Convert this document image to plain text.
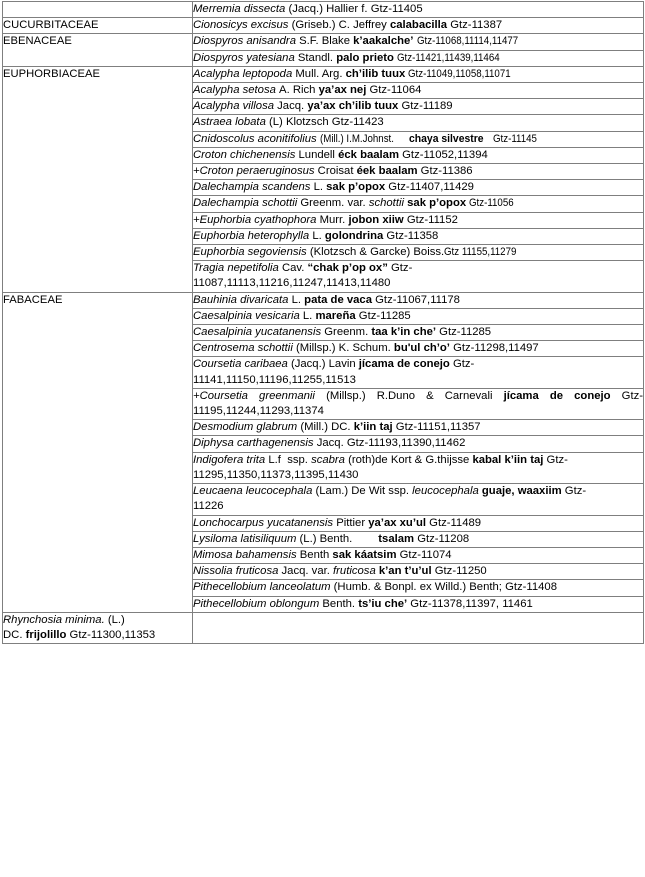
	Merremia dissecta (Jacq.) Hallier f. Gtz-11405

CUCURBITACEAE	Cionosicys excisus (Griseb.) C. Jeffrey calabacilla Gtz-11387

EBENACEAE	Diospyros anisandra S.F. Blake k’aakalche’ Gtz-11068,11114,11477

	Diospyros yatesiana Standl. palo prieto Gtz-11421,11439,11464

EUPHORBIACEAE	Acalypha leptopoda Mull. Arg. ch’ilib tuux Gtz-11049,11058,11071

	Acalypha setosa A. Rich ya’ax nej Gtz-11064

	Acalypha villosa Jacq. ya’ax ch’ilib tuux Gtz-11189

	Astraea lobata (L) Klotzsch Gtz-11423

	Cnidoscolus aconitifolius (Mill.) I.M.Johnst. chaya silvestre Gtz-11145

	Croton chichenensis Lundell éck baalam Gtz-11052,11394

	+Croton peraeruginosus Croisat éek baalam Gtz-11386

	Dalechampia scandens L. sak p’opox Gtz-11407,11429

	Dalechampia schottii Greenm. var. schottii sak p’opox Gtz-11056

	+Euphorbia cyathophora Murr. jobon xiiw Gtz-11152

	Euphorbia heterophylla L. golondrina Gtz-11358

	Euphorbia segoviensis (Klotzsch & Garcke) Boiss.Gtz 11155,11279

	Tragia nepetifolia Cav. “chak p’op ox” Gtz-
11087,11113,11216,11247,11413,11480

FABACEAE	Bauhinia divaricata L. pata de vaca Gtz-11067,11178

	Caesalpinia vesicaria L. mareña Gtz-11285

	Caesalpinia yucatanensis Greenm. taa k’in che’ Gtz-11285

	Centrosema schottii (Millsp.) K. Schum. bu'ul ch’o’ Gtz-11298,11497

	Coursetia caribaea (Jacq.) Lavin jícama de conejo Gtz-
11141,11150,11196,11255,11513

	+Coursetia greenmanii (Millsp.) R.Duno & Carnevali jícama de conejo Gtz-
11195,11244,11293,11374

	Desmodium glabrum (Mill.) DC. k’iin taj Gtz-11151,11357

	Diphysa carthagenensis Jacq. Gtz-11193,11390,11462

	Indigofera trita L.f  ssp. scabra (roth)de Kort & G.thijsse kabal k’iin taj Gtz-
11295,11350,11373,11395,11430

	Leucaena leucocephala (Lam.) De Wit ssp. leucocephala guaje, waaxiim Gtz-
11226

	Lonchocarpus yucatanensis Pittier ya’ax xu’ul Gtz-11489

	Lysiloma latisiliquum (L.) Benth. tsalam Gtz-11208

	Mimosa bahamensis Benth sak káatsim Gtz-11074

	Nissolia fruticosa Jacq. var. fruticosa k’an t’u’ul Gtz-11250

	Pithecellobium lanceolatum (Humb. & Bonpl. ex Willd.) Benth; Gtz-11408

	Pithecellobium oblongum Benth. ts’iu che’ Gtz-11378,11397, 11461

Rhynchosia minima. (L.) DC. frijolillo Gtz-11300,11353	
